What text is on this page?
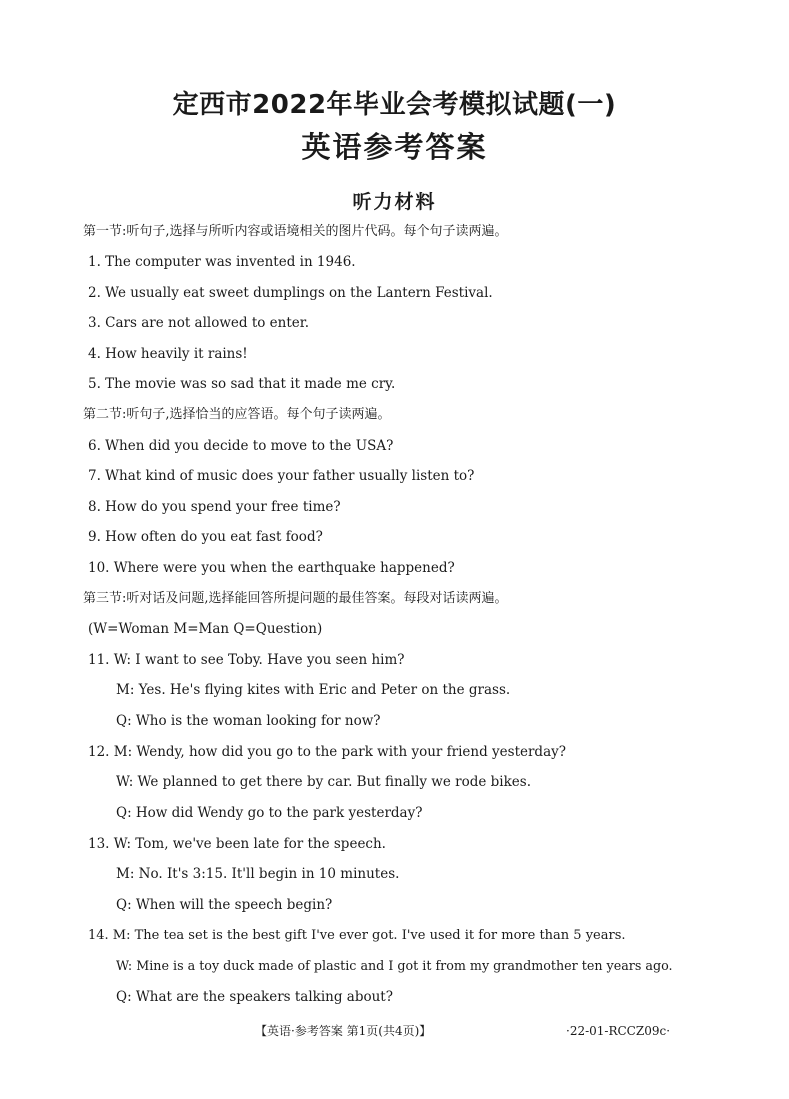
定西市2022年毕业会考模拟试题(一)
英语参考答案
听力材料
第一节:听句子,选择与所听内容或语境相关的图片代码。每个句子读两遍。
1. The computer was invented in 1946.
2. We usually eat sweet dumplings on the Lantern Festival.
3. Cars are not allowed to enter.
4. How heavily it rains!
5. The movie was so sad that it made me cry.
第二节:听句子,选择恰当的应答语。每个句子读两遍。
6. When did you decide to move to the USA?
7. What kind of music does your father usually listen to?
8. How do you spend your free time?
9. How often do you eat fast food?
10. Where were you when the earthquake happened?
第三节:听对话及问题,选择能回答所提问题的最佳答案。每段对话读两遍。
(W=Woman M=Man Q=Question)
11. W: I want to see Toby. Have you seen him?
M: Yes. He's flying kites with Eric and Peter on the grass.
Q: Who is the woman looking for now?
12. M: Wendy, how did you go to the park with your friend yesterday?
W: We planned to get there by car. But finally we rode bikes.
Q: How did Wendy go to the park yesterday?
13. W: Tom, we've been late for the speech.
M: No. It's 3:15. It'll begin in 10 minutes.
Q: When will the speech begin?
14. M: The tea set is the best gift I've ever got. I've used it for more than 5 years.
W: Mine is a toy duck made of plastic and I got it from my grandmother ten years ago.
Q: What are the speakers talking about?
【英语·参考答案 第1页(共4页)】	·22-01-RCCZ09c·
